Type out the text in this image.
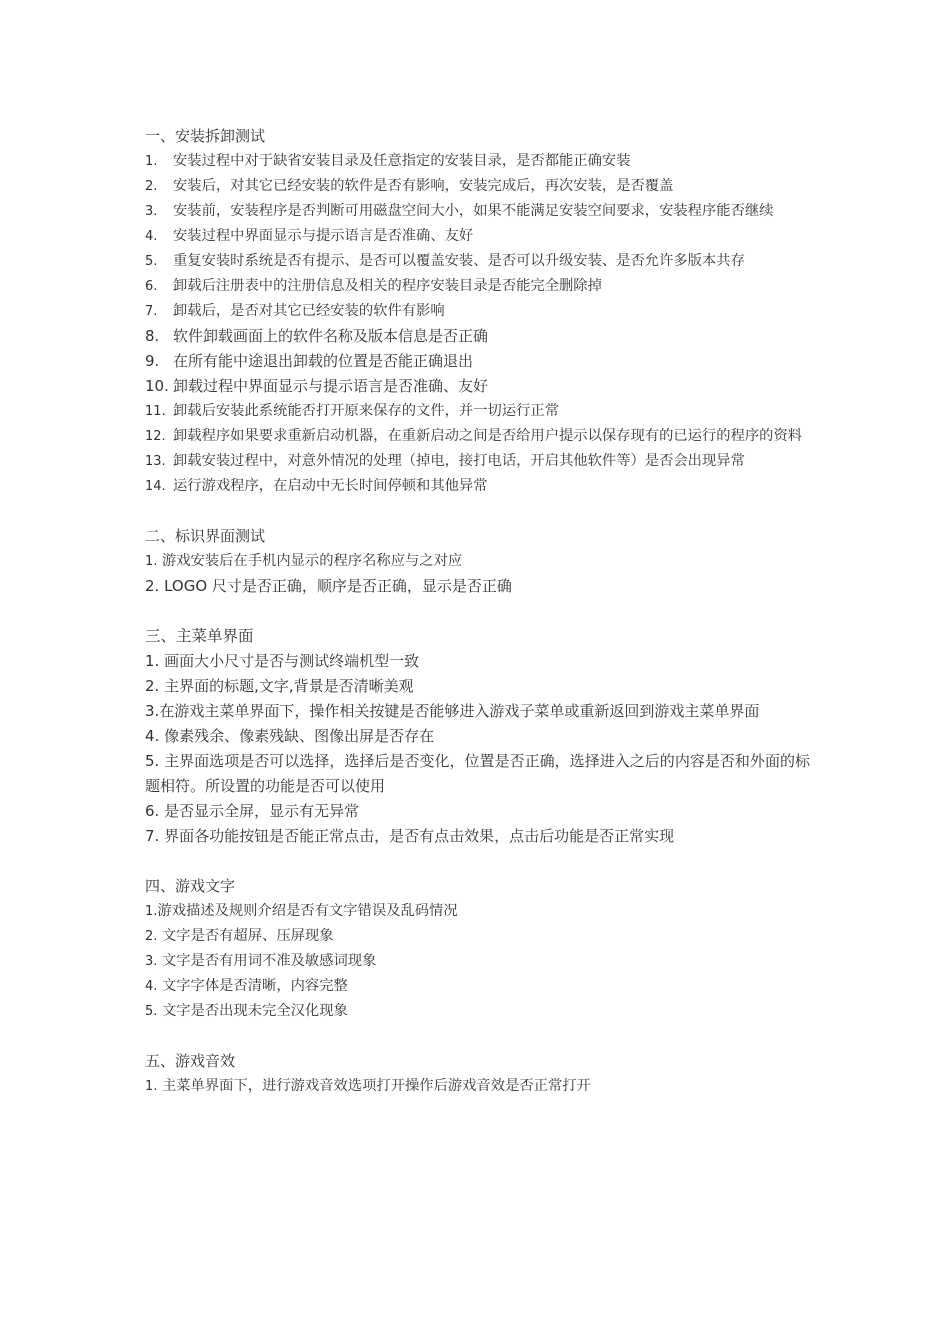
一、安装拆卸测试
1.	安装过程中对于缺省安装目录及任意指定的安装目录，是否都能正确安装
2.	安装后，对其它已经安装的软件是否有影响，安装完成后，再次安装，是否覆盖
3.	安装前，安装程序是否判断可用磁盘空间大小，如果不能满足安装空间要求，安装程序能否继续
4.	安装过程中界面显示与提示语言是否准确、友好
5.	重复安装时系统是否有提示、是否可以覆盖安装、是否可以升级安装、是否允许多版本共存
6.	卸载后注册表中的注册信息及相关的程序安装目录是否能完全删除掉
7.	卸载后，是否对其它已经安装的软件有影响
8. 软件卸载画面上的软件名称及版本信息是否正确
9. 在所有能中途退出卸载的位置是否能正确退出
10. 卸载过程中界面显示与提示语言是否准确、友好
11. 卸载后安装此系统能否打开原来保存的文件，并一切运行正常
12. 卸载程序如果要求重新启动机器，在重新启动之间是否给用户提示以保存现有的已运行的程序的资料
13. 卸载安装过程中，对意外情况的处理（掉电，接打电话，开启其他软件等）是否会出现异常
14. 运行游戏程序，在启动中无长时间停顿和其他异常
二、标识界面测试
1. 游戏安装后在手机内显示的程序名称应与之对应
2. LOGO 尺寸是否正确，顺序是否正确，显示是否正确
三、主菜单界面
1. 画面大小尺寸是否与测试终端机型一致
2. 主界面的标题,文字,背景是否清晰美观
3.在游戏主菜单界面下，操作相关按键是否能够进入游戏子菜单或重新返回到游戏主菜单界面
4. 像素残余、像素残缺、图像出屏是否存在
5. 主界面选项是否可以选择，选择后是否变化，位置是否正确，选择进入之后的内容是否和外面的标题相符。所设置的功能是否可以使用
6. 是否显示全屏，显示有无异常
7. 界面各功能按钮是否能正常点击，是否有点击效果，点击后功能是否正常实现
四、游戏文字
1.游戏描述及规则介绍是否有文字错误及乱码情况
2. 文字是否有超屏、压屏现象
3. 文字是否有用词不准及敏感词现象
4. 文字字体是否清晰，内容完整
5. 文字是否出现未完全汉化现象
五、游戏音效
1. 主菜单界面下，进行游戏音效选项打开操作后游戏音效是否正常打开
